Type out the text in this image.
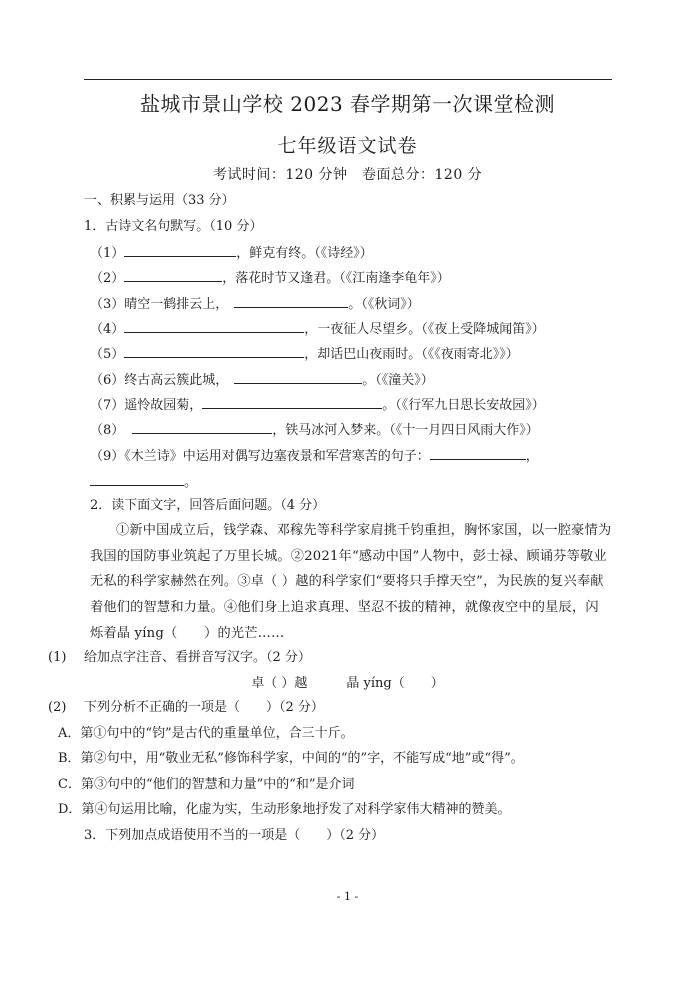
盐城市景山学校 2023 春学期第一次课堂检测
七年级语文试卷
考试时间：120 分钟　卷面总分：120 分
一、积累与运用（33 分）
1．古诗文名句默写。（10 分）
（1）	，鲜克有终。（《诗经》）
（2）	，落花时节又逢君。（《江南逢李龟年》）
（3）晴空一鹤排云上，	。（《秋词》）
（4）	，一夜征人尽望乡。（《夜上受降城闻笛》）
（5）	，却话巴山夜雨时。（《《夜雨寄北》》）
（6）终古高云簇此城，	。（《潼关》）
（7）遥怜故园菊，	。（《行军九日思长安故园》）
（8）	，铁马冰河入梦来。（《十一月四日风雨大作》）
（9）《木兰诗》中运用对偶写边塞夜景和军营寒苦的句子：	，
。
2．读下面文字，回答后面问题。（4 分）
①新中国成立后，钱学森、邓稼先等科学家肩挑千钧重担，胸怀家国，以一腔豪情为我国的国防事业筑起了万里长城。②2021年“感动中国”人物中，彭士禄、顾诵芬等敬业无私的科学家赫然在列。③卓（ ）越的科学家们“要将只手撑天空”，为民族的复兴奉献着他们的智慧和力量。④他们身上追求真理、坚忍不拔的精神，就像夜空中的星辰，闪烁着晶 yíng（　　）的光芒……
(1) 给加点字注音、看拼音写汉字。（2 分）
卓（ ）越　　　晶 yíng（　　）
(2) 下列分析不正确的一项是（　　）（2 分）
A．第①句中的“钧”是古代的重量单位，合三十斤。
B．第②句中，用“敬业无私”修饰科学家，中间的“的”字，不能写成“地”或“得”。
C．第③句中的“他们的智慧和力量”中的“和”是介词
D．第④句运用比喻，化虚为实，生动形象地抒发了对科学家伟大精神的赞美。
3．下列加点成语使用不当的一项是（　　）（2 分）
- 1 -
